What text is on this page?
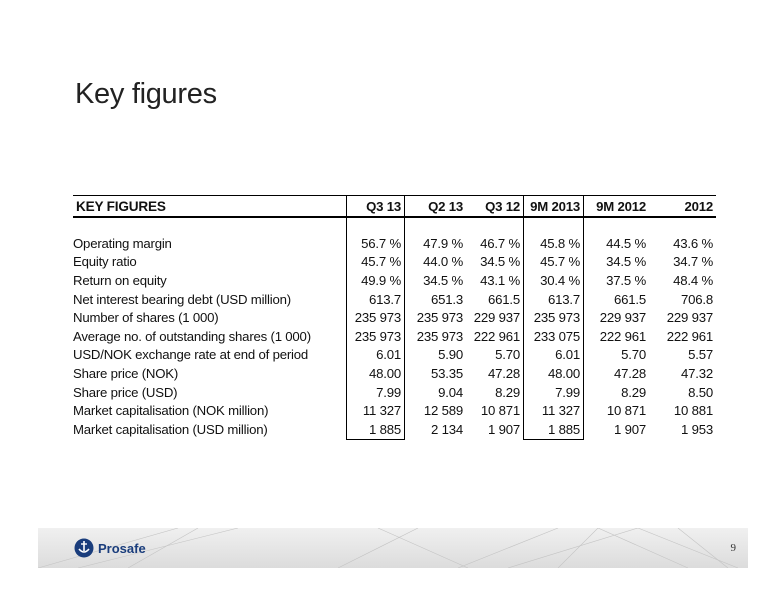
Key figures
KEY FIGURES	Q3 13	Q2 13	Q3 12	9M 2013	9M 2012	2012

Operating margin	56.7 %	47.9 %	46.7 %	45.8 %	44.5 %	43.6 %
Equity ratio	45.7 %	44.0 %	34.5 %	45.7 %	34.5 %	34.7 %
Return on equity	49.9 %	34.5 %	43.1 %	30.4 %	37.5 %	48.4 %
Net interest bearing debt (USD million)	613.7	651.3	661.5	613.7	661.5	706.8
Number of shares (1 000)	235 973	235 973	229 937	235 973	229 937	229 937
Average no. of outstanding shares (1 000)	235 973	235 973	222 961	233 075	222 961	222 961
USD/NOK exchange rate at end of period	6.01	5.90	5.70	6.01	5.70	5.57
Share price (NOK)	48.00	53.35	47.28	48.00	47.28	47.32
Share price (USD)	7.99	9.04	8.29	7.99	8.29	8.50
Market capitalisation (NOK million)	11 327	12 589	10 871	11 327	10 871	10 881
Market capitalisation (USD million)	1 885	2 134	1 907	1 885	1 907	1 953
Prosafe	9
